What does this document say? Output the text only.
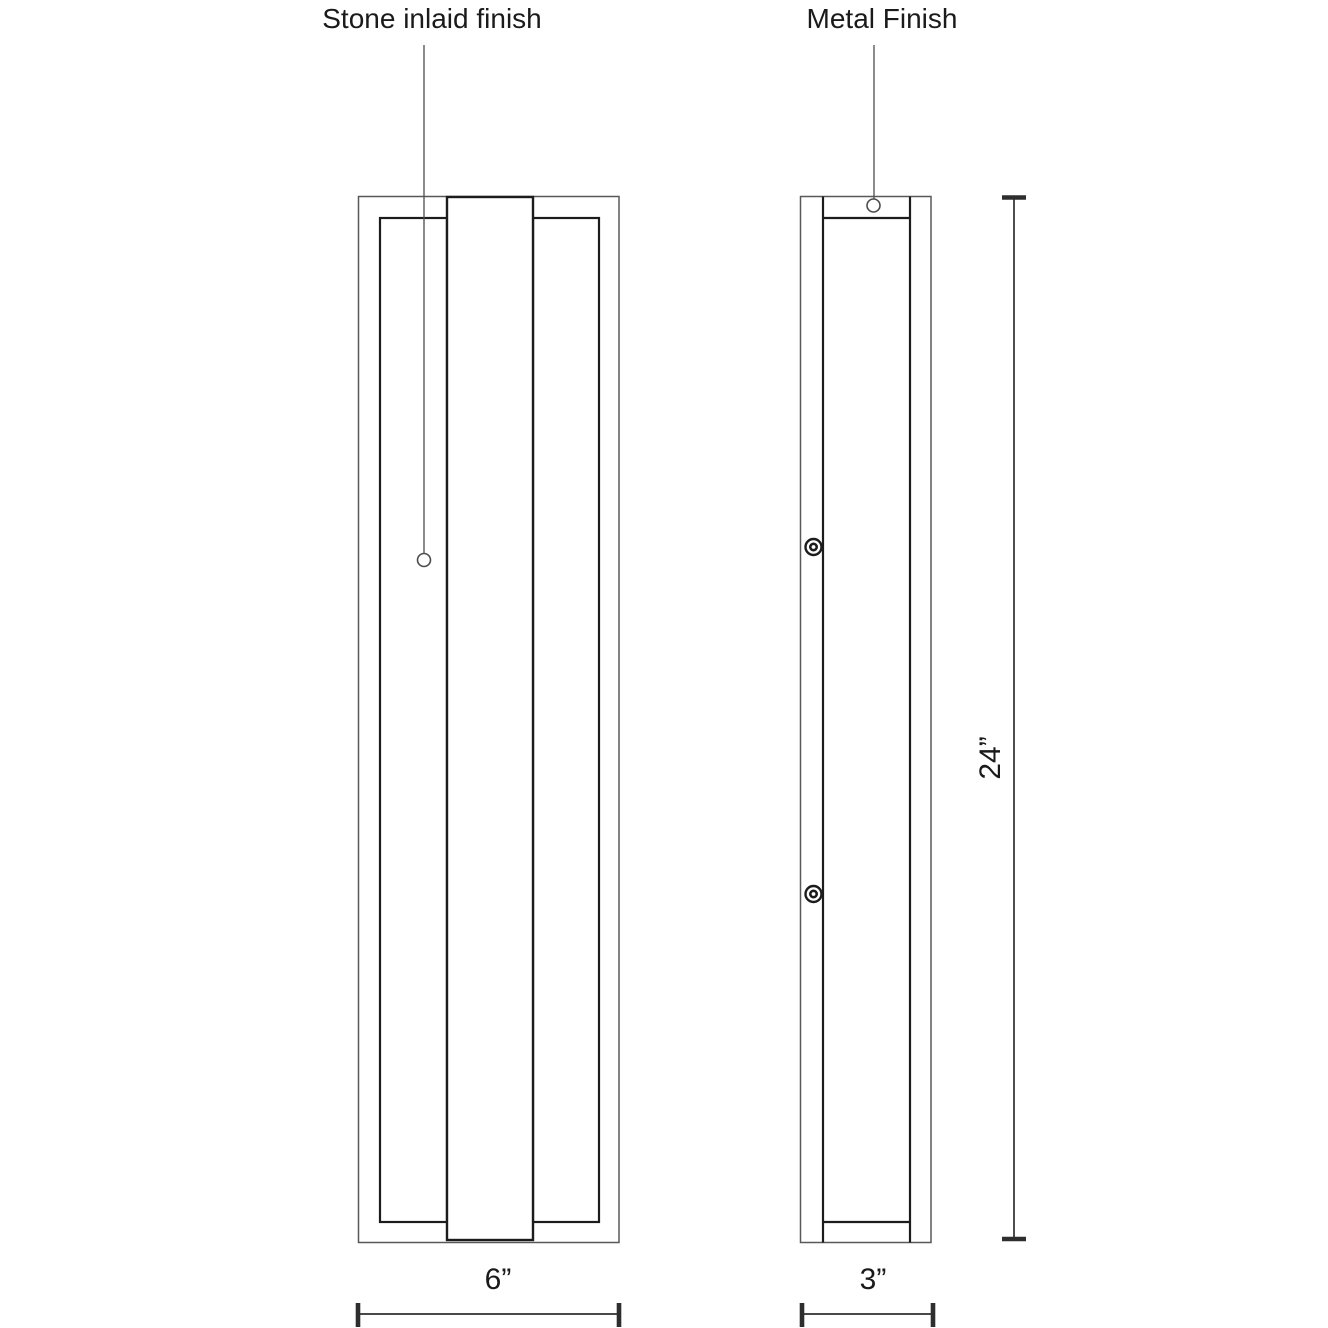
Stone inlaid finish	Metal Finish
6”	3”
24”
